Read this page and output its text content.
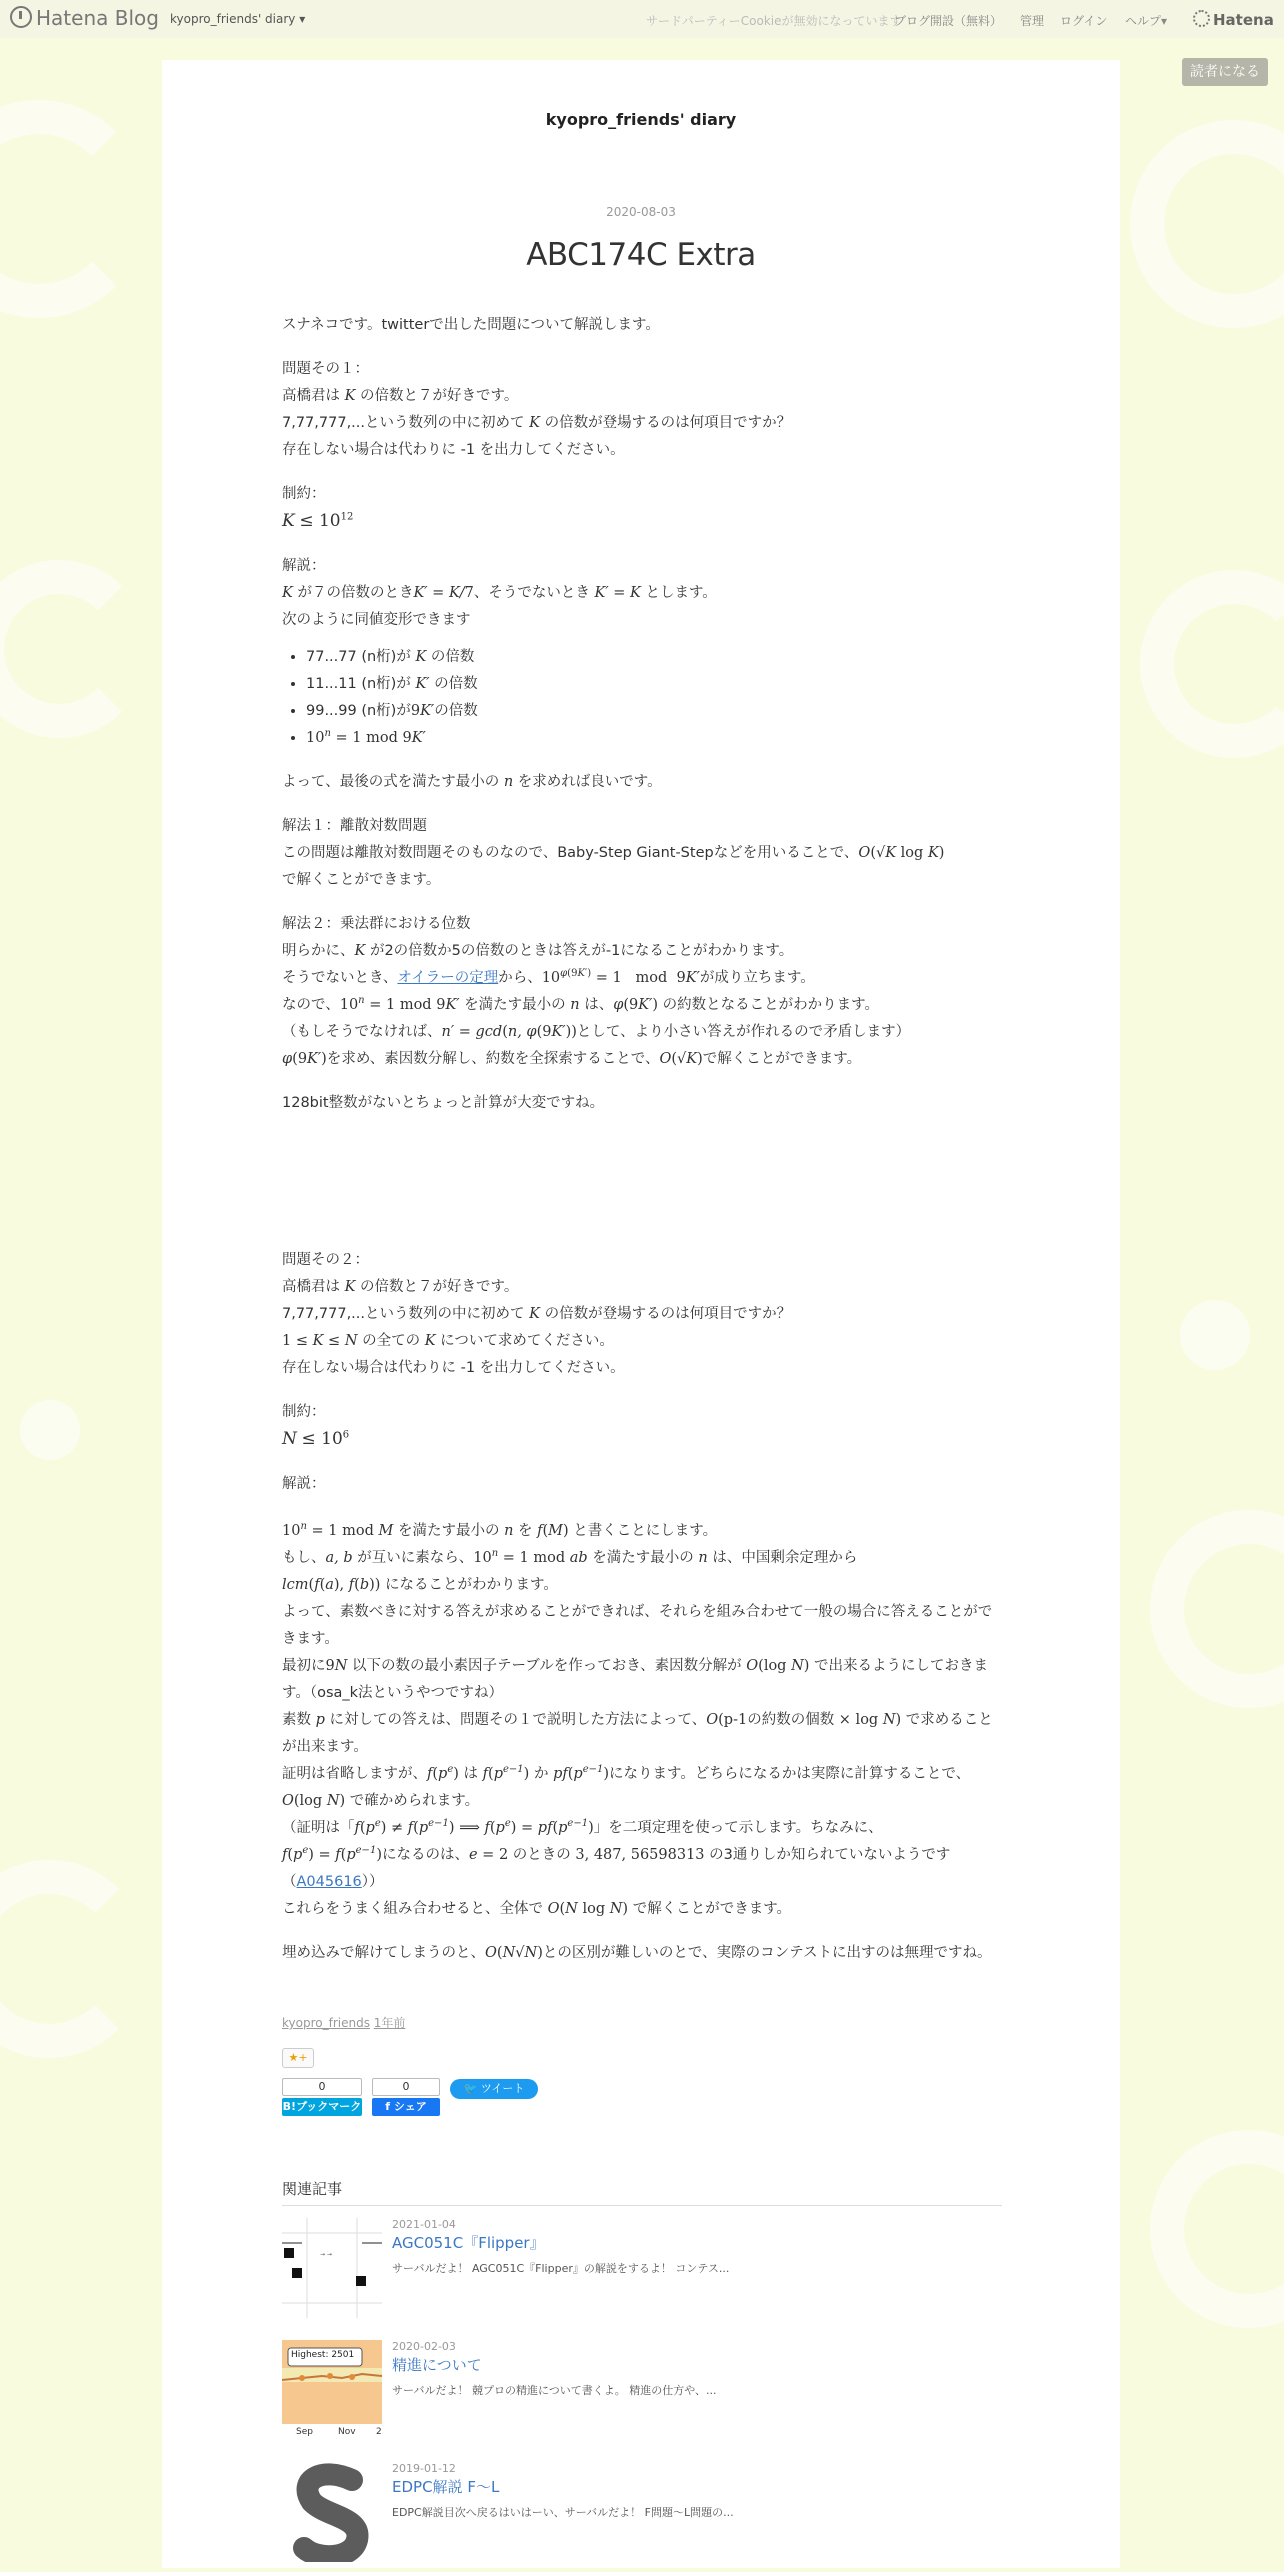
Hatena Blog kyopro_friends' diary ▾	サードパーティーCookieが無効になっています
ブログ開設（無料） 管理 ログイン ヘルプ▾	Hatena
読者になる
kyopro_friends' diary
2020-08-03
ABC174C Extra

スナネコです。twitterで出した問題について解説します。

問題その１：
高橋君は K の倍数と７が好きです。
7,77,777,...という数列の中に初めて K の倍数が登場するのは何項目ですか？
存在しない場合は代わりに -1 を出力してください。

制約：
$K \le 10^{12}$

解説：
K が７の倍数のときK′ = K/7、そうでないとき K′ = K とします。
次のように同値変形できます

• 77...77 (n桁)が K の倍数
• 11...11 (n桁)が K′ の倍数
• 99...99 (n桁)が9K′の倍数
• $10^n = 1$ mod 9K′

よって、最後の式を満たす最小の n を求めれば良いです。

解法１：離散対数問題
この問題は離散対数問題そのものなので、Baby-Step Giant-Stepなどを用いることで、O(√K log K)
で解くことができます。

解法２：乗法群における位数
明らかに、K が2の倍数か5の倍数のときは答えが-1になることがわかります。
そうでないとき、オイラーの定理から、$10^{\varphi(9K')} = 1$   mod  9K′が成り立ちます。
なので、$10^n = 1$ mod 9K′ を満たす最小の n は、φ(9K′) の約数となることがわかります。
（もしそうでなければ、n′ = gcd(n, φ(9K′))として、より小さい答えが作れるので矛盾します）
φ(9K′)を求め、素因数分解し、約数を全探索することで、O(√K)で解くことができます。

128bit整数がないとちょっと計算が大変ですね。

問題その２：
高橋君は K の倍数と７が好きです。
7,77,777,...という数列の中に初めて K の倍数が登場するのは何項目ですか？
1 ≤ K ≤ N の全ての K について求めてください。
存在しない場合は代わりに -1 を出力してください。

制約：
$N \le 10^6$

解説：

$10^n = 1$ mod M を満たす最小の n を f(M) と書くことにします。
もし、a, b が互いに素なら、$10^n = 1$ mod ab を満たす最小の n は、中国剰余定理から
lcm(f(a), f(b)) になることがわかります。
よって、素数べきに対する答えが求めることができれば、それらを組み合わせて一般の場合に答えることができます。
最初に9N 以下の数の最小素因子テーブルを作っておき、素因数分解が O(log N) で出来るようにしておきます。（osa_k法というやつですね）
素数 p に対しての答えは、問題その１で説明した方法によって、O(p-1の約数の個数 × log N) で求めることが出来ます。
証明は省略しますが、$f(p^e)$ は $f(p^{e-1})$ か $pf(p^{e-1})$になります。どちらになるかは実際に計算することで、O(log N) で確かめられます。
（証明は「$f(p^e) \ne f(p^{e-1})$ ⟹ $f(p^e) = pf(p^{e-1})$」を二項定理を使って示します。ちなみに、
$f(p^e) = f(p^{e-1})$になるのは、e = 2 のときの 3, 487, 56598313 の3通りしか知られていないようです（A045616））
これらをうまく組み合わせると、全体で O(N log N) で解くことができます。

埋め込みで解けてしまうのと、O(N√N)との区別が難しいのとで、実際のコンテストに出すのは無理ですね。

kyopro_friends 1年前
★+
0
B!ブックマーク
0
f シェア
🐦 ツイート
関連記事
→ →
2021-01-04
AGC051C『Flipper』
サーバルだよ！ AGC051C『Flipper』の解説をするよ！ コンテス...
Highest: 2501
Sep	Nov 2
2020-02-03
精進について
サーバルだよ！ 競プロの精進について書くよ。 精進の仕方や、...
2019-01-12
EDPC解説 F～L
EDPC解説目次へ戻るはいはーい、サーバルだよ！ F問題～L問題の...
